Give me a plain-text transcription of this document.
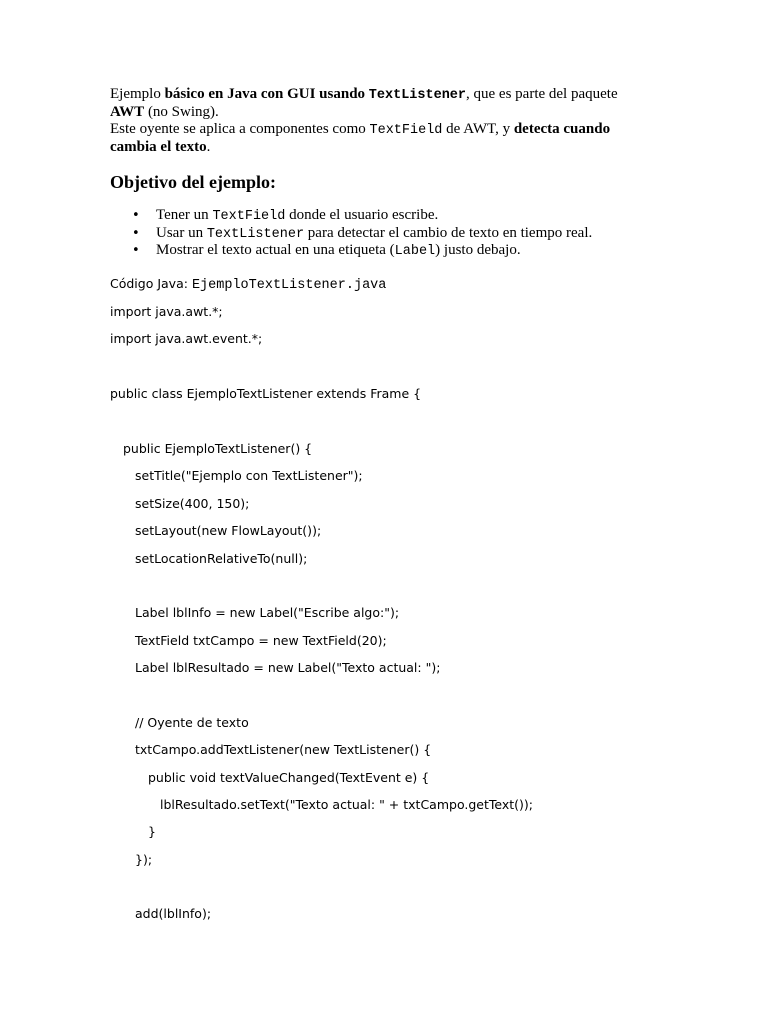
Ejemplo básico en Java con GUI usando TextListener, que es parte del paquete

AWT (no Swing).

Este oyente se aplica a componentes como TextField de AWT, y detecta cuando

cambia el texto.

Objetivo del ejemplo:
• Tener un TextField donde el usuario escribe.
• Usar un TextListener para detectar el cambio de texto en tiempo real.
• Mostrar el texto actual en una etiqueta (Label) justo debajo.
Código Java: EjemploTextListener.java
import java.awt.*;
import java.awt.event.*;
public class EjemploTextListener extends Frame {
public EjemploTextListener() {
setTitle("Ejemplo con TextListener");
setSize(400, 150);
setLayout(new FlowLayout());
setLocationRelativeTo(null);
Label lblInfo = new Label("Escribe algo:");
TextField txtCampo = new TextField(20);
Label lblResultado = new Label("Texto actual: ");
// Oyente de texto
txtCampo.addTextListener(new TextListener() {
public void textValueChanged(TextEvent e) {
lblResultado.setText("Texto actual: " + txtCampo.getText());
}
});
add(lblInfo);
